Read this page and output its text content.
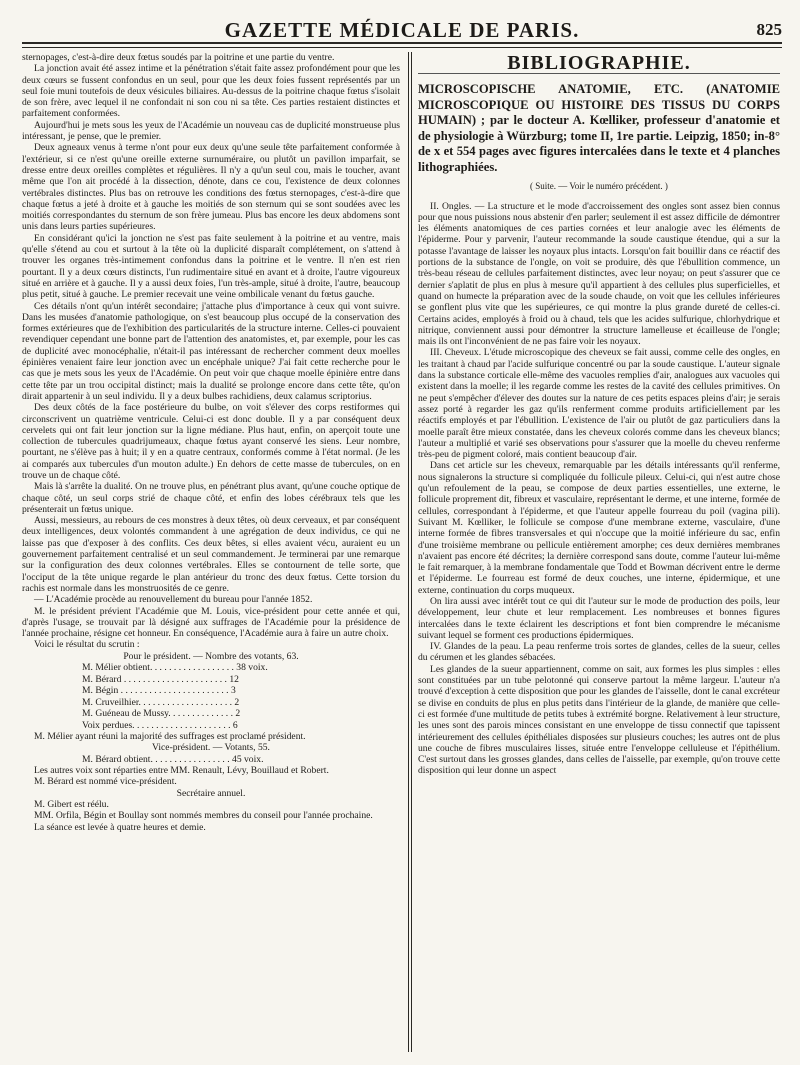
GAZETTE MÉDICALE DE PARIS.	825

sternopages, c'est-à-dire deux fœtus soudés par la poitrine et une partie du ventre.

La jonction avait été assez intime et la pénétration s'était faite assez profondément pour que les deux cœurs se fussent confondus en un seul, pour que les deux foies fussent représentés par un seul foie muni toutefois de deux vésicules biliaires. Au-dessus de la poitrine chaque fœtus s'isolait de son frère, avec lequel il ne confondait ni son cou ni sa tête. Ces parties restaient distinctes et parfaitement conformées.

Aujourd'hui je mets sous les yeux de l'Académie un nouveau cas de duplicité monstrueuse plus intéressant, je pense, que le premier.

Deux agneaux venus à terme n'ont pour eux deux qu'une seule tête parfaitement conformée à l'extérieur, si ce n'est qu'une oreille externe surnuméraire, ou plutôt un pavillon imparfait, se dresse entre deux oreilles complètes et régulières. Il n'y a qu'un seul cou, mais le toucher, avant même que l'on ait procédé à la dissection, dénote, dans ce cou, l'existence de deux colonnes vertébrales distinctes. Plus bas on retrouve les conditions des fœtus sternopages, c'est-à-dire que chaque fœtus a jeté à droite et à gauche les moitiés de son sternum qui se sont soudées avec les moitiés correspondantes du sternum de son frère jumeau. Plus bas encore les deux abdomens sont unis dans leurs parties supérieures.

En considérant qu'ici la jonction ne s'est pas faite seulement à la poitrine et au ventre, mais qu'elle s'étend au cou et surtout à la tête où la duplicité disparaît complétement, on s'attend à trouver les organes très-intimement confondus dans la poitrine et le ventre. Il n'en est rien pourtant. Il y a deux cœurs distincts, l'un rudimentaire situé en avant et à droite, l'autre vigoureux situé en arrière et à gauche. Il y a aussi deux foies, l'un très-ample, situé à droite, l'autre, beaucoup plus petit, situé à gauche. Le premier recevait une veine ombilicale venant du fœtus gauche.

Ces détails n'ont qu'un intérêt secondaire; j'attache plus d'importance à ceux qui vont suivre. Dans les musées d'anatomie pathologique, on s'est beaucoup plus occupé de la conservation des formes extérieures que de l'exhibition des particularités de la structure interne. Celles-ci pouvaient revendiquer cependant une bonne part de l'attention des anatomistes, et, par exemple, pour les cas de duplicité avec monocéphalie, n'était-il pas intéressant de rechercher comment deux moelles épinières venaient faire leur jonction avec un encéphale unique? J'ai fait cette recherche pour le cas que je mets sous les yeux de l'Académie. On peut voir que chaque moelle épinière entre dans cette tête par un trou occipital distinct; mais la dualité se prolonge encore dans cette tête, qu'on dirait appartenir à un seul individu. Il y a deux bulbes rachidiens, deux calamus scriptorius.

Des deux côtés de la face postérieure du bulbe, on voit s'élever des corps restiformes qui circonscrivent un quatrième ventricule. Celui-ci est donc double. Il y a par conséquent deux cervelets qui ont fait leur jonction sur la ligne médiane. Plus haut, enfin, on aperçoit toute une collection de tubercules quadrijumeaux, chaque fœtus ayant conservé les siens. Leur nombre, pourtant, ne s'élève pas à huit; il y en a quatre centraux, conformés comme à l'état normal. (Je les ai comparés aux tubercules d'un mouton adulte.) En dehors de cette masse de tubercules, on en trouve un de chaque côté.

Mais là s'arrête la dualité. On ne trouve plus, en pénétrant plus avant, qu'une couche optique de chaque côté, un seul corps strié de chaque côté, et enfin des lobes cérébraux tels que les présenterait un fœtus unique.

Aussi, messieurs, au rebours de ces monstres à deux têtes, où deux cerveaux, et par conséquent deux intelligences, deux volontés commandent à une agrégation de deux individus, ce qui ne laisse pas que d'exposer à des conflits. Ces deux bêtes, si elles avaient vécu, auraient eu un gouvernement parfaitement centralisé et un seul commandement. Je terminerai par une remarque sur la configuration des deux colonnes vertébrales. Elles se contournent de telle sorte, que l'occiput de la tête unique regarde le plan antérieur du tronc des deux fœtus. Cette torsion du rachis est normale dans les monstruosités de ce genre.

— L'Académie procède au renouvellement du bureau pour l'année 1852.

M. le président prévient l'Académie que M. Louis, vice-président pour cette année et qui, d'après l'usage, se trouvait par là désigné aux suffrages de l'Académie pour la présidence de l'année prochaine, résigne cet honneur. En conséquence, l'Académie aura à faire un autre choix.

Voici le résultat du scrutin :

Pour le président. — Nombre des votants, 63.

M. Mélier obtient. . . . . . . . . . . . . . . . . . 38 voix.
M. Bérard . . . . . . . . . . . . . . . . . . . . . . 12
M. Bégin . . . . . . . . . . . . . . . . . . . . . . . 3
M. Cruveilhier. . . . . . . . . . . . . . . . . . . . 2
M. Guéneau de Mussy. . . . . . . . . . . . . . 2
Voix perdues. . . . . . . . . . . . . . . . . . . . . 6

M. Mélier ayant réuni la majorité des suffrages est proclamé président.

Vice-président. — Votants, 55.

M. Bérard obtient. . . . . . . . . . . . . . . . . 45 voix.

Les autres voix sont réparties entre MM. Renault, Lévy, Bouillaud et Robert.

M. Bérard est nommé vice-président.

Secrétaire annuel.

M. Gibert est réélu.

MM. Orfila, Bégin et Boullay sont nommés membres du conseil pour l'année prochaine.

La séance est levée à quatre heures et demie.

BIBLIOGRAPHIE.
MICROSCOPISCHE ANATOMIE, ETC. (ANATOMIE MICROSCOPIQUE OU HISTOIRE DES TISSUS DU CORPS HUMAIN) ; par le docteur A. Kœlliker, professeur d'anatomie et de physiologie à Würzburg; tome II, 1re partie. Leipzig, 1850; in-8° de x et 554 pages avec figures intercalées dans le texte et 4 planches lithographiées.

( Suite. — Voir le numéro précédent. )

II. Ongles. — La structure et le mode d'accroissement des ongles sont assez bien connus pour que nous puissions nous abstenir d'en parler; seulement il est assez difficile de démontrer les éléments anatomiques de ces parties cornées et leur analogie avec les éléments de l'épiderme. Pour y parvenir, l'auteur recommande la soude caustique étendue, qui a sur la potasse l'avantage de laisser les noyaux plus intacts. Lorsqu'on fait bouillir dans ce réactif des portions de la substance de l'ongle, on voit se produire, dès que l'ébullition commence, un très-beau réseau de cellules parfaitement distinctes, avec leur noyau; on peut s'assurer que ce dernier s'aplatit de plus en plus à mesure qu'il appartient à des cellules plus superficielles, et quand on humecte la préparation avec de la soude chaude, on voit que les cellules inférieures se gonflent plus vite que les supérieures, ce qui montre la plus grande dureté de celles-ci. Certains acides, employés à froid ou à chaud, tels que les acides sulfurique, chlorhydrique et nitrique, conviennent aussi pour démontrer la structure lamelleuse et écailleuse de l'ongle; mais ils ont l'inconvénient de ne pas faire voir les noyaux.

III. Cheveux. L'étude microscopique des cheveux se fait aussi, comme celle des ongles, en les traitant à chaud par l'acide sulfurique concentré ou par la soude caustique. L'auteur signale dans la substance corticale elle-même des vacuoles remplies d'air, analogues aux vacuoles qui existent dans la moelle; il les regarde comme les restes de la cavité des cellules primitives. On ne peut s'empêcher d'élever des doutes sur la nature de ces petits espaces pleins d'air; je serais assez porté à regarder les gaz qu'ils renferment comme produits artificiellement par les réactifs employés et par l'ébullition. L'existence de l'air ou plutôt de gaz particuliers dans la moelle paraît être mieux constatée, dans les cheveux colorés comme dans les cheveux blancs; l'auteur a multiplié et varié ses observations pour s'assurer que la moelle du cheveu renferme très-peu de pigment coloré, mais contient beaucoup d'air.

Dans cet article sur les cheveux, remarquable par les détails intéressants qu'il renferme, nous signalerons la structure si compliquée du follicule pileux. Celui-ci, qui n'est autre chose qu'un refoulement de la peau, se compose de deux parties essentielles, une externe, le follicule proprement dit, fibreux et vasculaire, représentant le derme, et une interne, formée de cellules, correspondant à l'épiderme, et que l'auteur appelle fourreau du poil (vagina pili). Suivant M. Kœlliker, le follicule se compose d'une membrane externe, vasculaire, d'une interne formée de fibres transversales et qui n'occupe que la moitié inférieure du sac, enfin d'une troisième membrane ou pellicule entièrement amorphe; ces deux dernières membranes n'avaient pas encore été décrites; la dernière correspond sans doute, comme l'auteur lui-même le fait remarquer, à la membrane fondamentale que Todd et Bowman décrivent entre le derme et l'épiderme. Le fourreau est formé de deux couches, une interne, épidermique, et une externe, continuation du corps muqueux.

On lira aussi avec intérêt tout ce qui dit l'auteur sur le mode de production des poils, leur développement, leur chute et leur remplacement. Les nombreuses et bonnes figures intercalées dans le texte éclairent les descriptions et font bien comprendre le mécanisme suivant lequel se forment ces productions épidermiques.

IV. Glandes de la peau. La peau renferme trois sortes de glandes, celles de la sueur, celles du cérumen et les glandes sébacées.

Les glandes de la sueur appartiennent, comme on sait, aux formes les plus simples : elles sont constituées par un tube pelotonné qui conserve partout la même largeur. L'auteur n'a trouvé d'exception à cette disposition que pour les glandes de l'aisselle, dont le canal excréteur se divise en conduits de plus en plus petits dans l'intérieur de la glande, de manière que celle-ci est formée d'une multitude de petits tubes à extrémité borgne. Relativement à leur structure, les unes sont des parois minces consistant en une enveloppe de tissu connectif que tapissent intérieurement des cellules épithéliales disposées sur plusieurs couches; les autres ont de plus une couche de fibres musculaires lisses, située entre l'enveloppe celluleuse et l'épithélium. C'est surtout dans les grosses glandes, dans celles de l'aisselle, par exemple, qu'on trouve cette disposition qui leur donne un aspect
